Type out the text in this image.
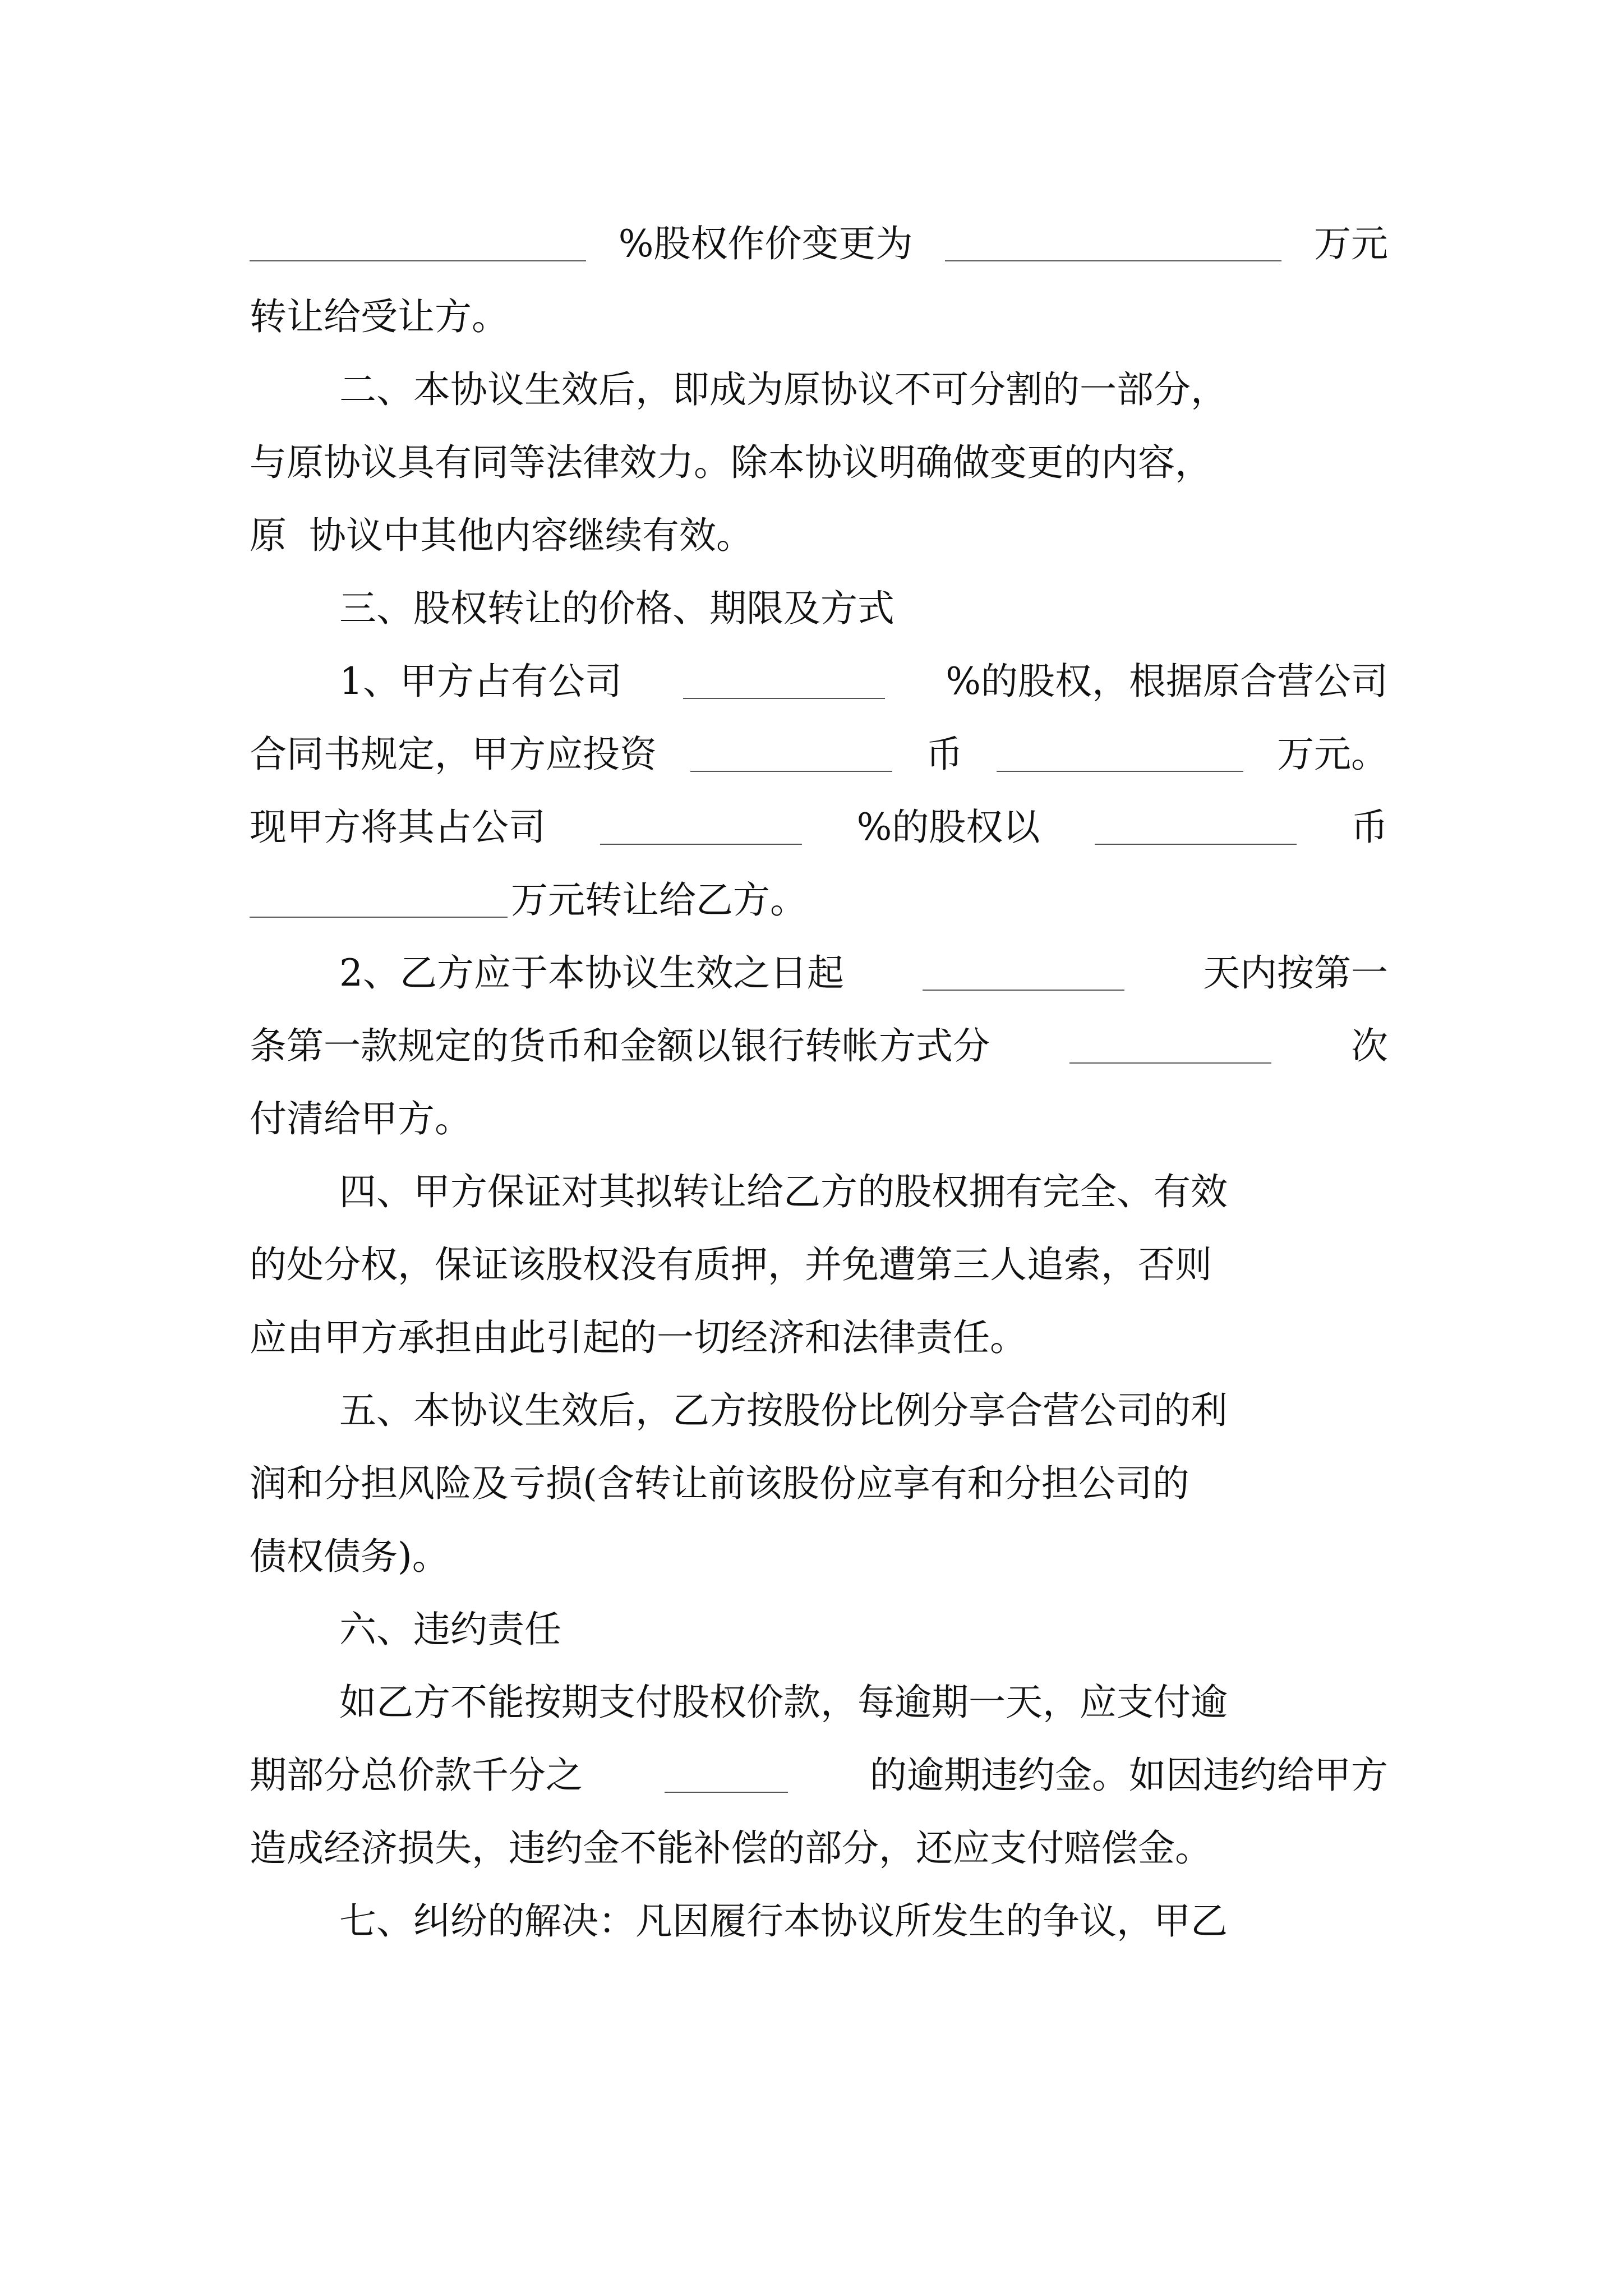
%股权作价变更为	万元
转让给受让方。
二、本协议生效后，即成为原协议不可分割的一部分，
与原协议具有同等法律效力。除本协议明确做变更的内容，
原 协议中其他内容继续有效。
三、股权转让的价格、期限及方式
1、甲方占有公司	%的股权，根据原合营公司
合同书规定，甲方应投资	币	万元。
现甲方将其占公司	%的股权以	币
万元转让给乙方。
2、乙方应于本协议生效之日起	天内按第一
条第一款规定的货币和金额以银行转帐方式分	次
付清给甲方。
四、甲方保证对其拟转让给乙方的股权拥有完全、有效
的处分权，保证该股权没有质押，并免遭第三人追索，否则
应由甲方承担由此引起的一切经济和法律责任。
五、本协议生效后，乙方按股份比例分享合营公司的利
润和分担风险及亏损(含转让前该股份应享有和分担公司的
债权债务)。
六、违约责任
如乙方不能按期支付股权价款，每逾期一天，应支付逾
期部分总价款千分之	的逾期违约金。如因违约给甲方
造成经济损失，违约金不能补偿的部分，还应支付赔偿金。
七、纠纷的解决：凡因履行本协议所发生的争议，甲乙
